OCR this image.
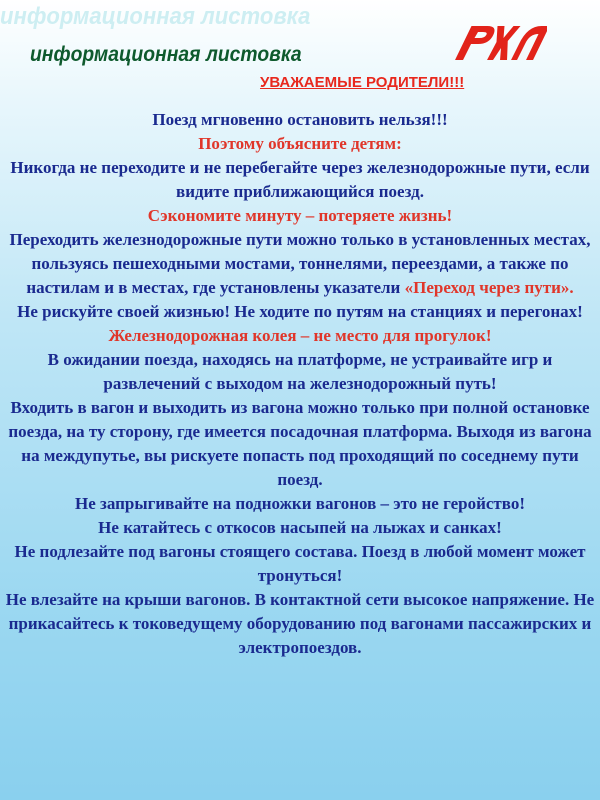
информационная листовка
информационная листовка
УВАЖАЕМЫЕ РОДИТЕЛИ!!!

Поезд мгновенно остановить нельзя!!!

Поэтому объясните детям:

Никогда не переходите и не перебегайте через железнодорожные пути, если видите приближающийся поезд.

Сэкономите минуту – потеряете жизнь!

Переходить железнодорожные пути можно только в установленных местах, пользуясь пешеходными мостами, тоннелями, переездами, а также по настилам и в местах, где установлены указатели «Переход через пути».

Не рискуйте своей жизнью! Не ходите по путям на станциях и перегонах!

Железнодорожная колея – не место для прогулок!

В ожидании поезда, находясь на платформе, не устраивайте игр и развлечений с выходом на железнодорожный путь!

Входить в вагон и выходить из вагона можно только при полной остановке поезда, на ту сторону, где имеется посадочная платформа. Выходя из вагона на междупутье, вы рискуете попасть под проходящий по соседнему пути поезд.

Не запрыгивайте на подножки вагонов – это не геройство!

Не катайтесь с откосов насыпей на лыжах и санках!

Не подлезайте под вагоны стоящего состава. Поезд в любой момент может тронуться!

Не влезайте на крыши вагонов. В контактной сети высокое напряжение. Не прикасайтесь к токоведущему оборудованию под вагонами пассажирских и электропоездов.
